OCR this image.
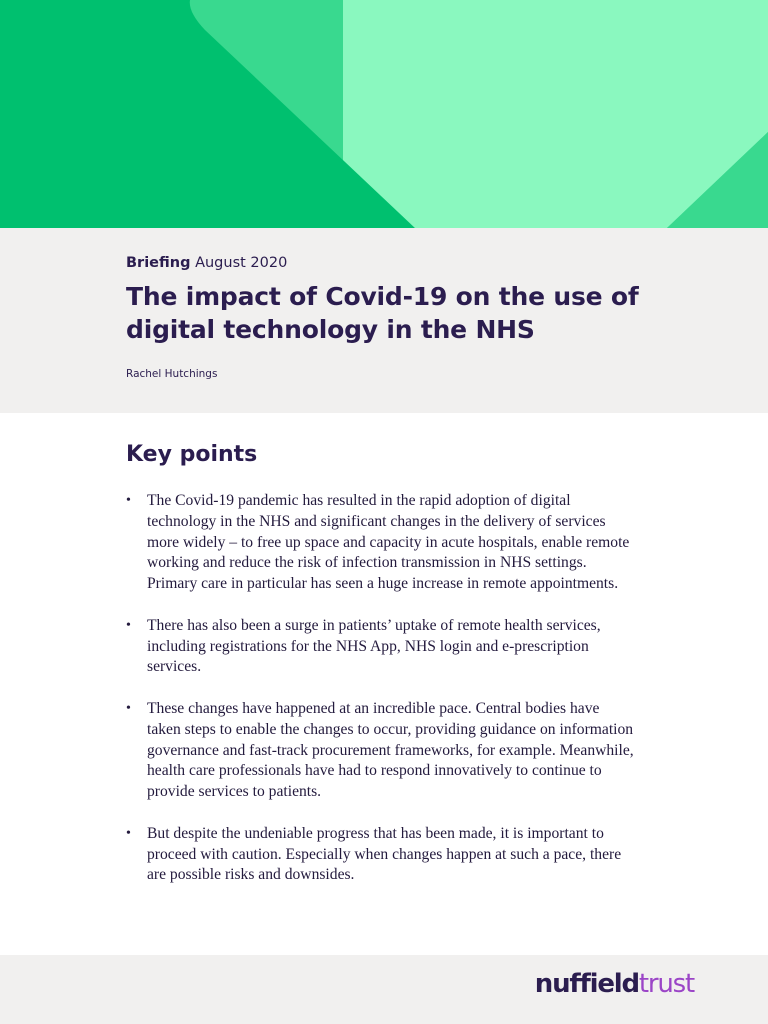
Briefing August 2020
The impact of Covid-19 on the use of digital technology in the NHS
Rachel Hutchings
Key points
• The Covid-19 pandemic has resulted in the rapid adoption of digital technology in the NHS and significant changes in the delivery of services more widely – to free up space and capacity in acute hospitals, enable remote working and reduce the risk of infection transmission in NHS settings. Primary care in particular has seen a huge increase in remote appointments.
• There has also been a surge in patients’ uptake of remote health services, including registrations for the NHS App, NHS login and e-prescription services.
• These changes have happened at an incredible pace. Central bodies have taken steps to enable the changes to occur, providing guidance on information governance and fast-track procurement frameworks, for example. Meanwhile, health care professionals have had to respond innovatively to continue to provide services to patients.
• But despite the undeniable progress that has been made, it is important to proceed with caution. Especially when changes happen at such a pace, there are possible risks and downsides.
nuffieldtrust
